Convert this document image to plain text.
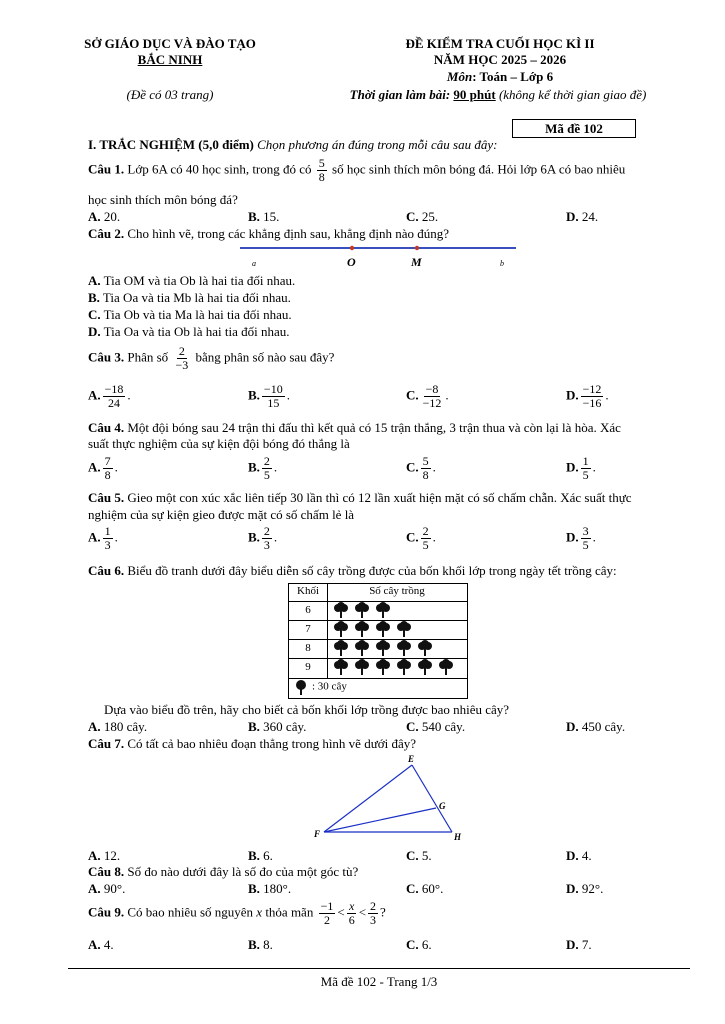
SỞ GIÁO DỤC VÀ ĐÀO TẠO
BẮC NINH
(Đề có 03 trang)
ĐỀ KIỂM TRA CUỐI HỌC KÌ II
NĂM HỌC 2025 – 2026
Môn: Toán – Lớp 6
Thời gian làm bài: 90 phút (không kể thời gian giao đề)
Mã đề 102
I. TRẮC NGHIỆM (5,0 điểm) Chọn phương án đúng trong mỗi câu sau đây:
Câu 1. Lớp 6A có 40 học sinh, trong đó có $\frac{5}{8}$ số học sinh thích môn bóng đá. Hỏi lớp 6A có bao nhiêu
học sinh thích môn bóng đá?
A. 20.	B. 15.	C. 25.	D. 24.
Câu 2. Cho hình vẽ, trong các khẳng định sau, khẳng định nào đúng?
a	O	M	b
A. Tia OM và tia Ob là hai tia đối nhau.
B. Tia Oa và tia Mb là hai tia đối nhau.
C. Tia Ob và tia Ma là hai tia đối nhau.
D. Tia Oa và tia Ob là hai tia đối nhau.
Câu 3. Phân số $\frac{2}{-3}$ bằng phân số nào sau đây?
A. $\frac{-18}{24}$ .	B. $\frac{-10}{15}$ .	C. $\frac{-8}{-12}$ .	D. $\frac{-12}{-16}$ .
Câu 4. Một đội bóng sau 24 trận thi đấu thì kết quả có 15 trận thắng, 3 trận thua và còn lại là hòa. Xác
suất thực nghiệm của sự kiện đội bóng đó thắng là
A. $\frac{7}{8}$ .	B. $\frac{2}{5}$ .	C. $\frac{5}{8}$ .	D. $\frac{1}{5}$ .
Câu 5. Gieo một con xúc xắc liên tiếp 30 lần thì có 12 lần xuất hiện mặt có số chấm chẵn. Xác suất thực
nghiệm của sự kiện gieo được mặt có số chấm lẻ là
A. $\frac{1}{3}$ .	B. $\frac{2}{3}$ .	C. $\frac{2}{5}$ .	D. $\frac{3}{5}$ .
Câu 6. Biểu đồ tranh dưới đây biểu diễn số cây trồng được của bốn khối lớp trong ngày tết trồng cây:
Khối	Số cây trồng
6
7
8
9
: 30 cây
Dựa vào biểu đồ trên, hãy cho biết cả bốn khối lớp trồng được bao nhiêu cây?
A. 180 cây.	B. 360 cây.	C. 540 cây.	D. 450 cây.
Câu 7. Có tất cả bao nhiêu đoạn thẳng trong hình vẽ dưới đây?
E
G
F	H
A. 12.	B. 6.	C. 5.	D. 4.
Câu 8. Số đo nào dưới đây là số đo của một góc tù?
A. 90°.	B. 180°.	C. 60°.	D. 92°.
Câu 9. Có bao nhiêu số nguyên x thỏa mãn $\frac{-1}{2} < \frac{x}{6} < \frac{2}{3}$ ?
A. 4.	B. 8.	C. 6.	D. 7.
Mã đề 102 - Trang 1/3
